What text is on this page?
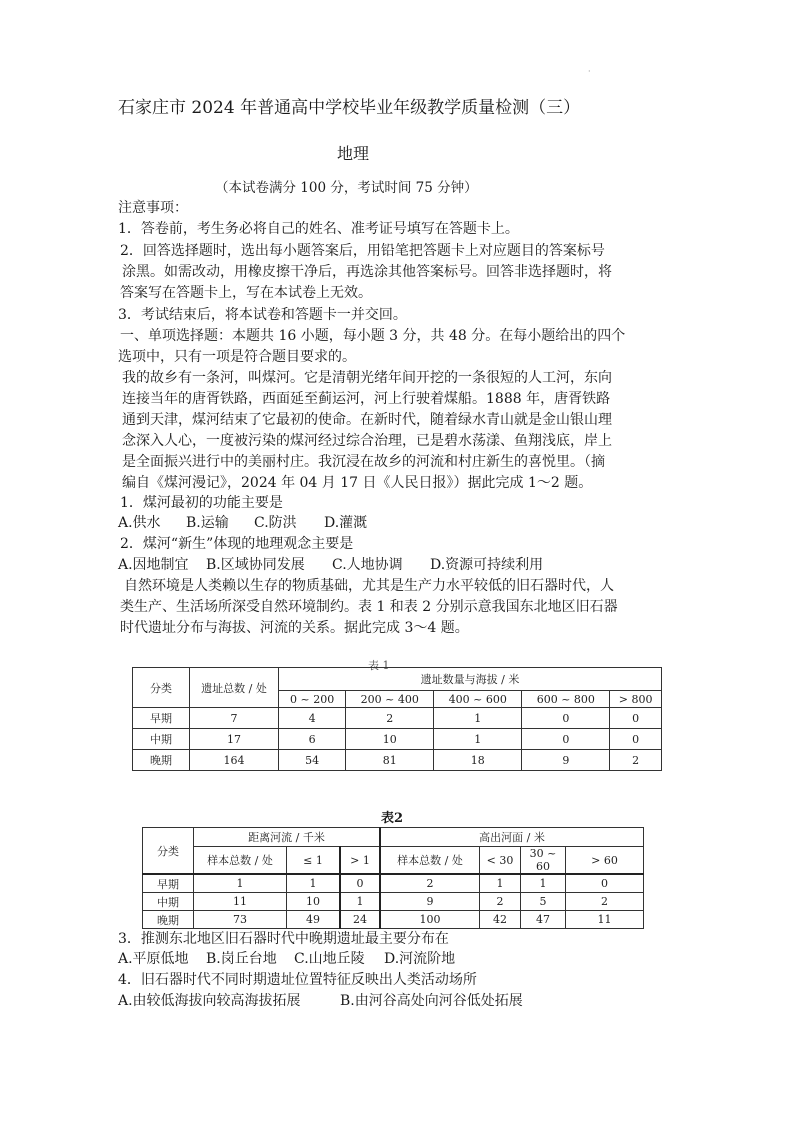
·
石家庄市 2024 年普通高中学校毕业年级教学质量检测（三）
地理
（本试卷满分 100 分，考试时间 75 分钟）
注意事项：
1．答卷前，考生务必将自己的姓名、准考证号填写在答题卡上。
2．回答选择题时，选出每小题答案后，用铅笔把答题卡上对应题目的答案标号
涂黑。如需改动，用橡皮擦干净后，再选涂其他答案标号。回答非选择题时，将
答案写在答题卡上，写在本试卷上无效。
3．考试结束后，将本试卷和答题卡一并交回。
一、单项选择题：本题共 16 小题，每小题 3 分，共 48 分。在每小题给出的四个
选项中，只有一项是符合题目要求的。
我的故乡有一条河，叫煤河。它是清朝光绪年间开挖的一条很短的人工河，东向
连接当年的唐胥铁路，西面延至蓟运河，河上行驶着煤船。1888 年，唐胥铁路
通到天津，煤河结束了它最初的使命。在新时代，随着绿水青山就是金山银山理
念深入人心，一度被污染的煤河经过综合治理，已是碧水荡漾、鱼翔浅底，岸上
是全面振兴进行中的美丽村庄。我沉浸在故乡的河流和村庄新生的喜悦里。（摘
编自《煤河漫记》，2024 年 04 月 17 日《人民日报》）据此完成 1～2 题。
1．煤河最初的功能主要是
A.供水 B.运输 C.防洪 D.灌溉
2．煤河“新生”体现的地理观念主要是
A.因地制宜 B.区域协同发展 C.人地协调 D.资源可持续利用
自然环境是人类赖以生存的物质基础，尤其是生产力水平较低的旧石器时代，人
类生产、生活场所深受自然环境制约。表 1 和表 2 分别示意我国东北地区旧石器
时代遗址分布与海拔、河流的关系。据此完成 3～4 题。
表 1
分类	遗址总数 / 处	遗址数量与海拔 / 米				
		0 ~ 200	200 ~ 400	400 ~ 600	600 ~ 800	> 800
早期	7	4	2	1	0	0
中期	17	6	10	1	0	0
晚期	164	54	81	18	9	2
表2
分类	距离河流 / 千米			高出河面 / 米			
	样本总数 / 处	≤ 1	> 1	样本总数 / 处	< 30	30 ~ 60	> 60
早期	1	1	0	2	1	1	0
中期	11	10	1	9	2	5	2
晚期	73	49	24	100	42	47	11
3．推测东北地区旧石器时代中晚期遗址最主要分布在
A.平原低地 B.岗丘台地 C.山地丘陵 D.河流阶地
4．旧石器时代不同时期遗址位置特征反映出人类活动场所
A.由较低海拔向较高海拔拓展	B.由河谷高处向河谷低处拓展
